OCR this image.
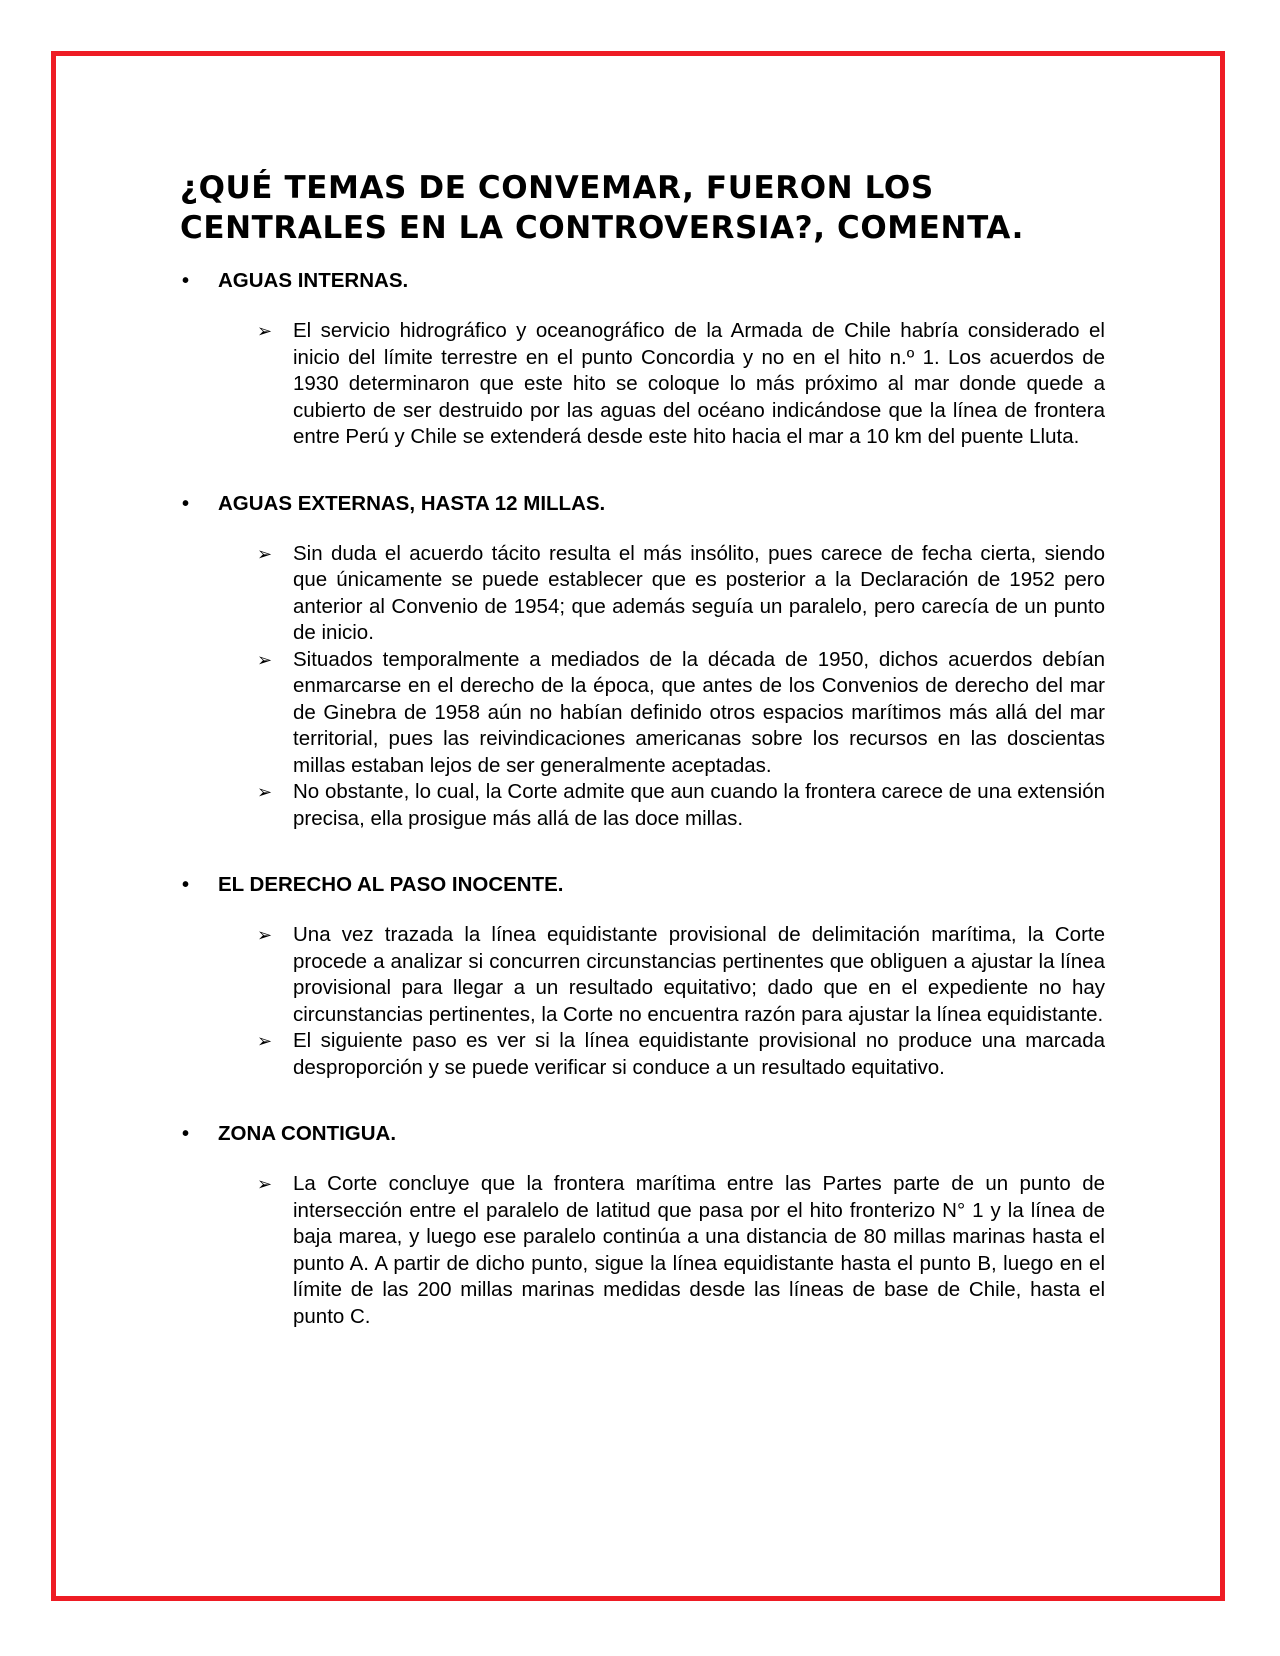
¿QUÉ TEMAS DE CONVEMAR, FUERON LOS CENTRALES EN LA CONTROVERSIA?, COMENTA.
• AGUAS INTERNAS.
➢ El servicio hidrográfico y oceanográfico de la Armada de Chile habría considerado el inicio del límite terrestre en el punto Concordia y no en el hito n.º 1. Los acuerdos de 1930 determinaron que este hito se coloque lo más próximo al mar donde quede a cubierto de ser destruido por las aguas del océano indicándose que la línea de frontera entre Perú y Chile se extenderá desde este hito hacia el mar a 10 km del puente Lluta.
• AGUAS EXTERNAS, HASTA 12 MILLAS.
➢ Sin duda el acuerdo tácito resulta el más insólito, pues carece de fecha cierta, siendo que únicamente se puede establecer que es posterior a la Declaración de 1952 pero anterior al Convenio de 1954; que además seguía un paralelo, pero carecía de un punto de inicio.
➢ Situados temporalmente a mediados de la década de 1950, dichos acuerdos debían enmarcarse en el derecho de la época, que antes de los Convenios de derecho del mar de Ginebra de 1958 aún no habían definido otros espacios marítimos más allá del mar territorial, pues las reivindicaciones americanas sobre los recursos en las doscientas millas estaban lejos de ser generalmente aceptadas.
➢ No obstante, lo cual, la Corte admite que aun cuando la frontera carece de una extensión precisa, ella prosigue más allá de las doce millas.
• EL DERECHO AL PASO INOCENTE.
➢ Una vez trazada la línea equidistante provisional de delimitación marítima, la Corte procede a analizar si concurren circunstancias pertinentes que obliguen a ajustar la línea provisional para llegar a un resultado equitativo; dado que en el expediente no hay circunstancias pertinentes, la Corte no encuentra razón para ajustar la línea equidistante.
➢ El siguiente paso es ver si la línea equidistante provisional no produce una marcada desproporción y se puede verificar si conduce a un resultado equitativo.
• ZONA CONTIGUA.
➢ La Corte concluye que la frontera marítima entre las Partes parte de un punto de intersección entre el paralelo de latitud que pasa por el hito fronterizo N° 1 y la línea de baja marea, y luego ese paralelo continúa a una distancia de 80 millas marinas hasta el punto A. A partir de dicho punto, sigue la línea equidistante hasta el punto B, luego en el límite de las 200 millas marinas medidas desde las líneas de base de Chile, hasta el punto C.
